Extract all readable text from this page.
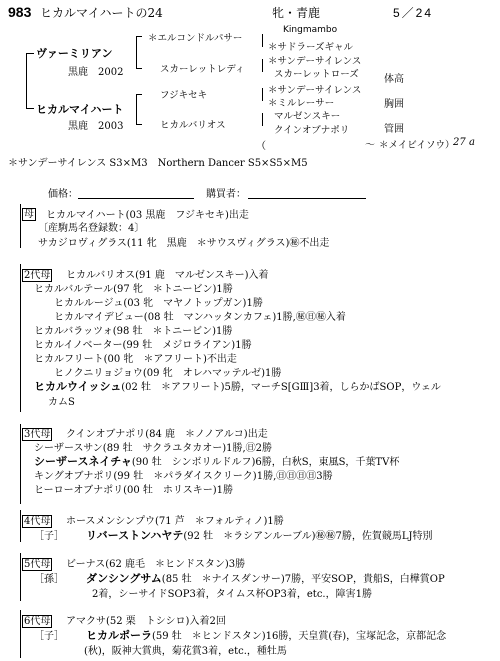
983 ヒカルマイハートの24	牝・青鹿	5／24
ヴァーミリアン
黒鹿　2002
ヒカルマイハート
黒鹿　2003
＊エルコンドルパサー
スカーレットレディ
フジキセキ
ヒカルバリオス
Kingmambo
＊サドラーズギャル
＊サンデーサイレンス
スカーレットローズ
＊サンデーサイレンス
＊ミルレーサー
マルゼンスキー
クインオブナポリ
体高
胸囲
管囲
（	～ ＊メイビイソウ）
27 a
＊サンデーサイレンス S3×M3　Northern Dancer S5×S5×M5
価格：	購買者：
母 ヒカルマイハート(03 黒鹿　フジキセキ)出走
〔産駒馬名登録数：4〕
サカジロヴィグラス(11 牝　黒鹿　＊サウスヴィグラス)㊙不出走
2代母 ヒカルバリオス(91 鹿　マルゼンスキー)入着
ヒカルバルテール(97 牝　＊トニービン)1勝
ヒカルルージュ(03 牝　マヤノトップガン)1勝
ヒカルマイデビュー(08 牡　マンハッタンカフェ)1勝,㊙㊐㊙入着
ヒカルバラッツォ(98 牡　＊トニービン)1勝
ヒカルイノベーター(99 牡　メジロライアン)1勝
ヒカルフリート(00 牝　＊アフリート)不出走
ヒノクニリョジョウ(09 牝　オレハマッテルゼ)1勝
ヒカルウイッシュ(02 牡　＊アフリート)5勝，マーチS[GⅢ]3着，しらかばSOP，ウェル
カムS
3代母 クインオブナポリ(84 鹿　＊ノノアルコ)出走
シーザースサン(89 牡　サクラユタカオー)1勝,㊐2勝
シーザースネイチャ(90 牡　シンボリルドルフ)6勝，白秋S，東風S，千葉TV杯
キングオブナポリ(99 牡　＊パラダイスクリーク)1勝,㊐㊐㊐㊐3勝
ヒーローオブナポリ(00 牡　ホリスキー)1勝
4代母 ホースメンシンプウ(71 芦　＊フォルティノ)1勝
［子］ リバーストンハヤテ(92 牡　＊ラシアンルーブル)㊙㊙7勝，佐賀競馬LJ特別
5代母 ビーナス(62 鹿毛　＊ヒンドスタン)3勝
［孫］ ダンシングサム(85 牡　＊ナイスダンサー)7勝，平安SOP，貴船S，白樺賞OP
2着，シーサイドSOP3着，タイムス杯OP3着，etc.，障害1勝
6代母 アマクサ(52 栗　トシシロ)入着2回
［子］ ヒカルポーラ(59 牡　＊ヒンドスタン)16勝，天皇賞(春)，宝塚記念，京都記念
(秋)，阪神大賞典，菊花賞3着，etc.，種牡馬
